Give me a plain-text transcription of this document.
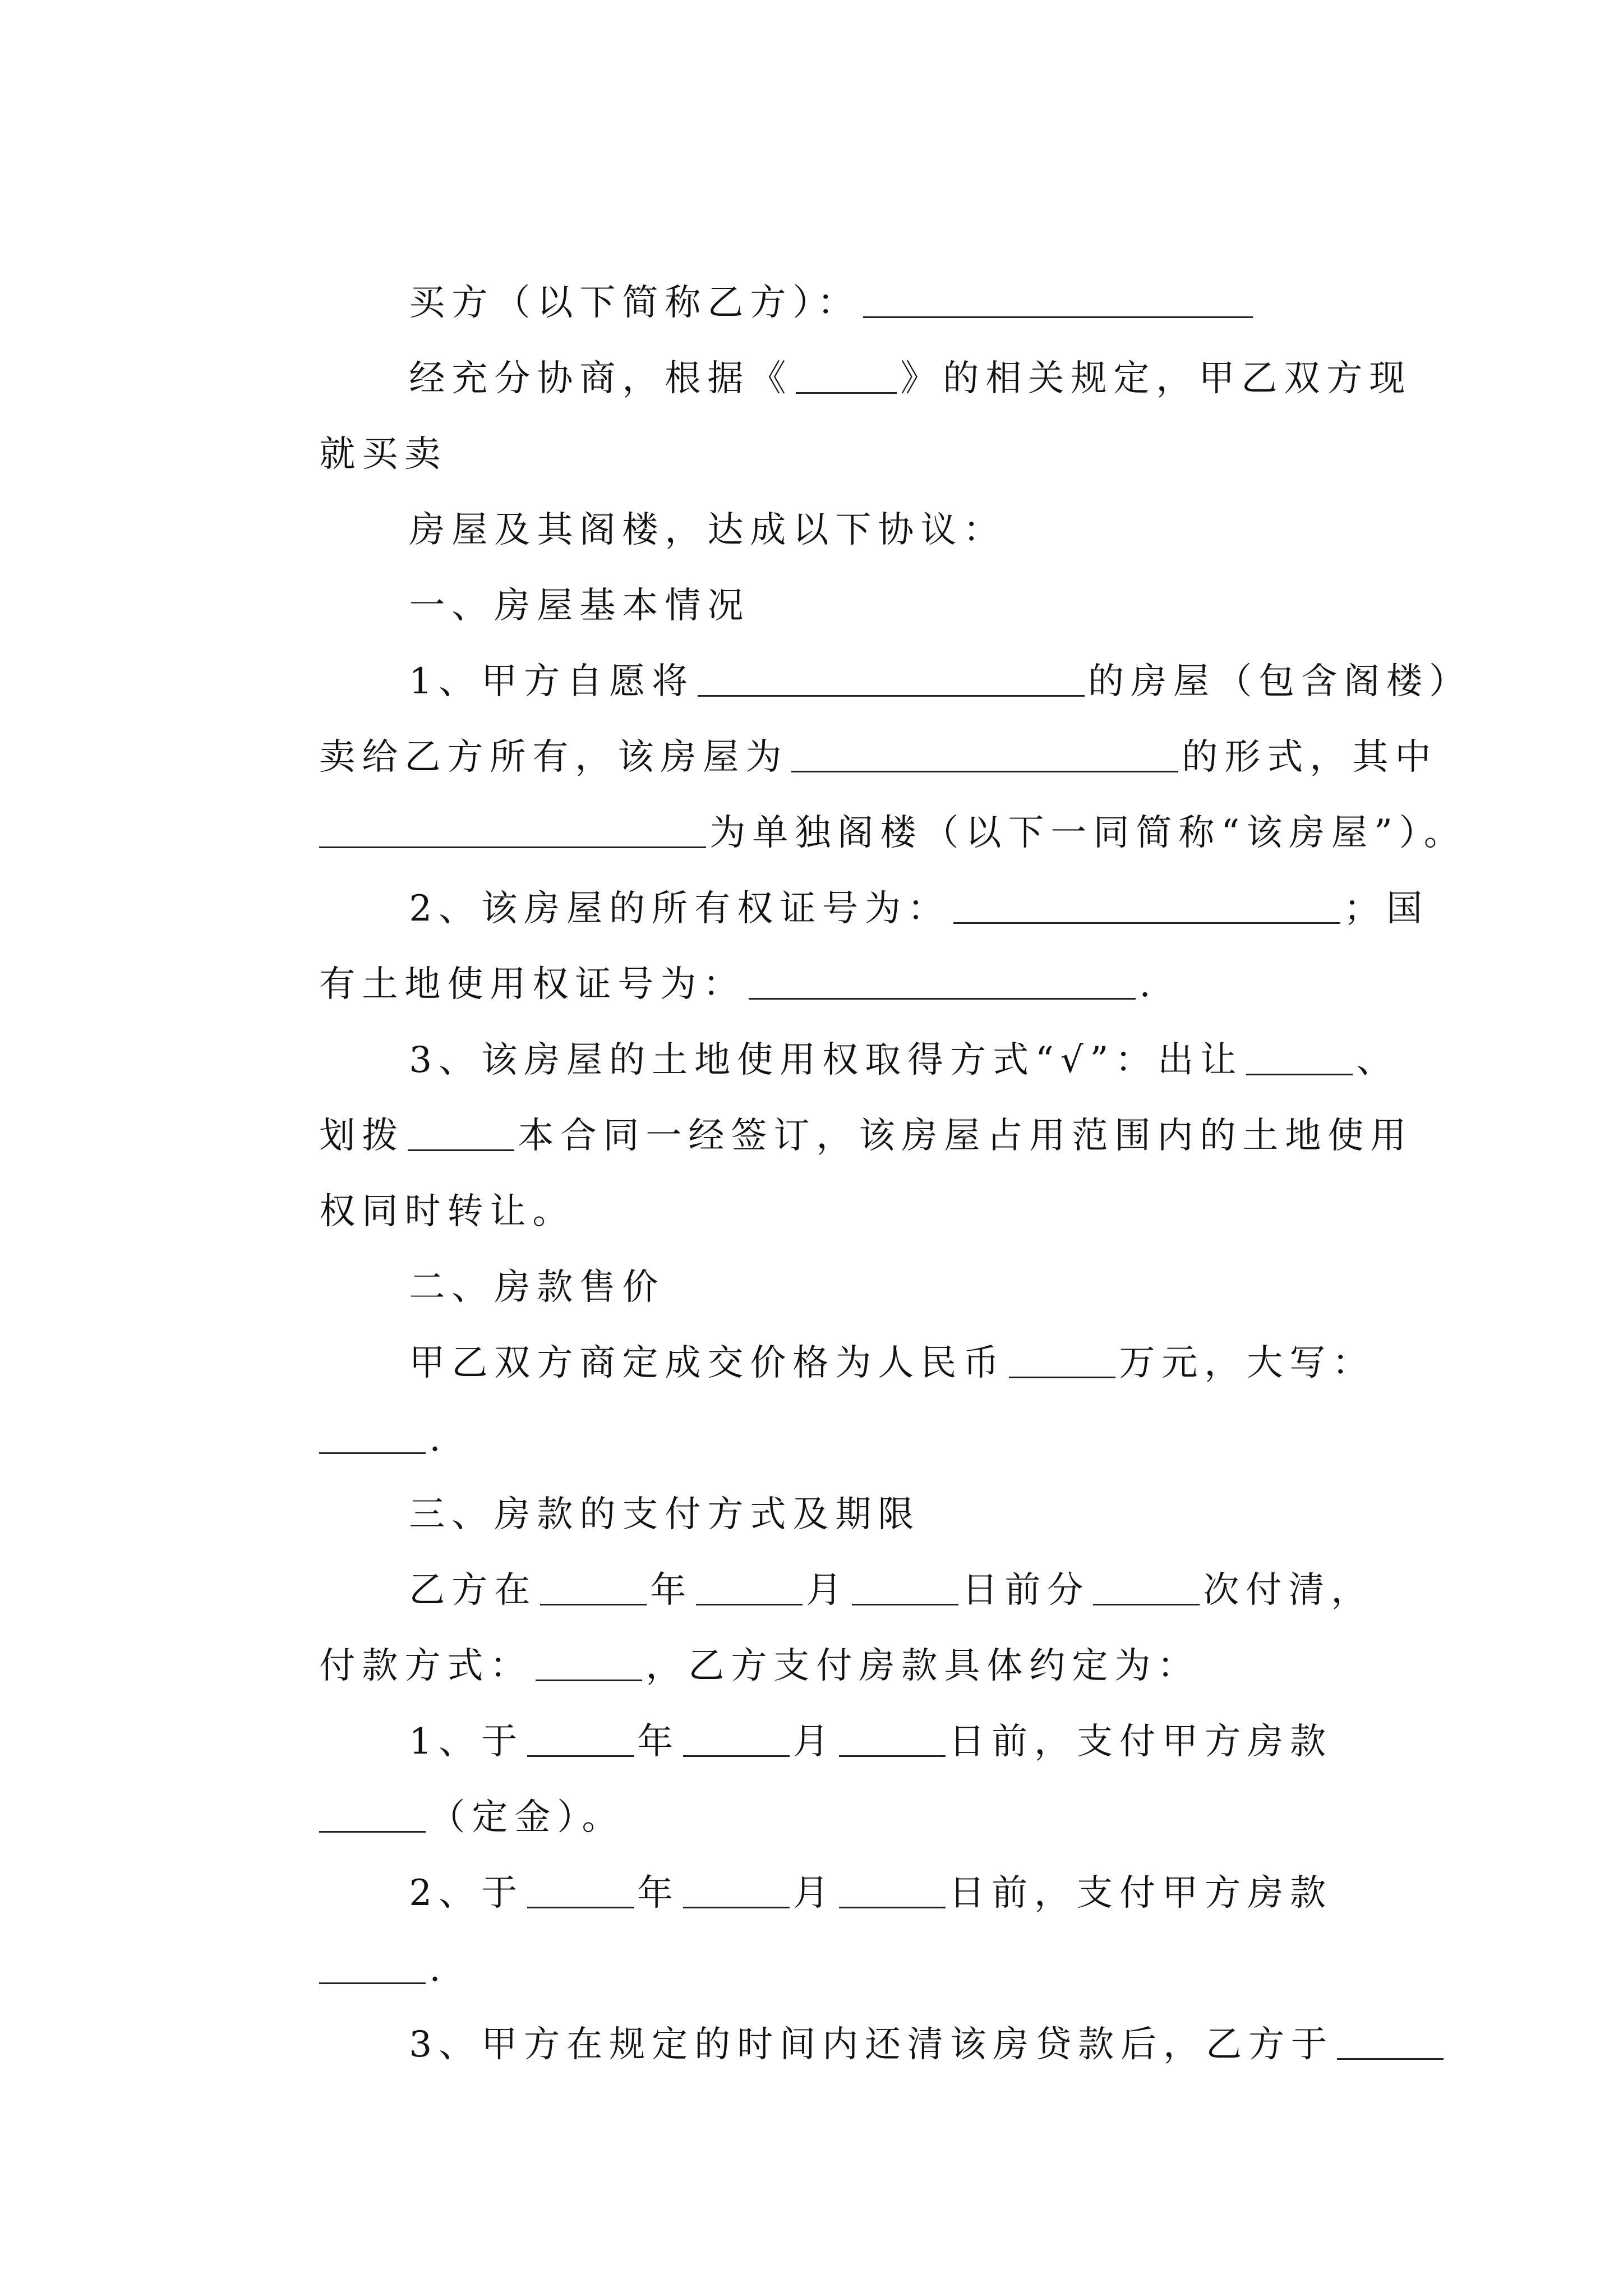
买方（以下简称乙方）：

经充分协商，根据《	》的相关规定，甲乙双方现

就买卖

房屋及其阁楼，达成以下协议：

一、房屋基本情况

1、甲方自愿将	的房屋（包含阁楼）

卖给乙方所有，该房屋为	的形式，其中

为单独阁楼（以下一同简称“该房屋”）。

2、该房屋的所有权证号为：	；国

有土地使用权证号为：	.

3、该房屋的土地使用权取得方式“√”：出让	、

划拨	本合同一经签订，该房屋占用范围内的土地使用

权同时转让。

二、房款售价

甲乙双方商定成交价格为人民币	万元，大写：

.

三、房款的支付方式及期限

乙方在	年	月	日前分	次付清，

付款方式：	，乙方支付房款具体约定为：

1、于	年	月	日前，支付甲方房款

（定金）。

2、于	年	月	日前，支付甲方房款

.

3、甲方在规定的时间内还清该房贷款后，乙方于
